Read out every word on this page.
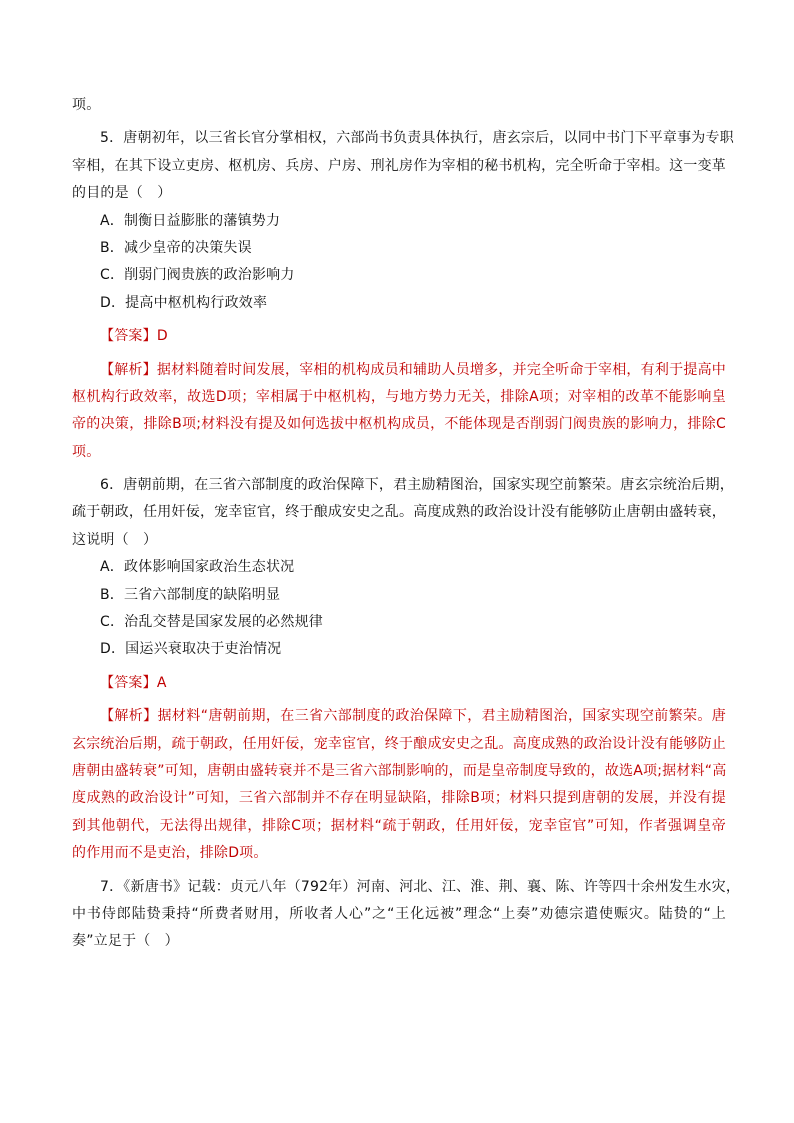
项。
5．唐朝初年，以三省长官分掌相权，六部尚书负责具体执行，唐玄宗后，以同中书门下平章事为专职
宰相，在其下设立吏房、枢机房、兵房、户房、刑礼房作为宰相的秘书机构，完全听命于宰相。这一变革
的目的是（　）
A．制衡日益膨胀的藩镇势力
B．减少皇帝的决策失误
C．削弱门阀贵族的政治影响力
D．提高中枢机构行政效率
【答案】D
【解析】据材料随着时间发展，宰相的机构成员和辅助人员增多，并完全听命于宰相，有利于提高中
枢机构行政效率，故选D项；宰相属于中枢机构，与地方势力无关，排除A项；对宰相的改革不能影响皇
帝的决策，排除B项;材料没有提及如何选拔中枢机构成员，不能体现是否削弱门阀贵族的影响力，排除C
项。
6．唐朝前期，在三省六部制度的政治保障下，君主励精图治，国家实现空前繁荣。唐玄宗统治后期，
疏于朝政，任用奸佞，宠幸宦官，终于酿成安史之乱。高度成熟的政治设计没有能够防止唐朝由盛转衰，
这说明（　）
A．政体影响国家政治生态状况
B．三省六部制度的缺陷明显
C．治乱交替是国家发展的必然规律
D．国运兴衰取决于吏治情况
【答案】A
【解析】据材料“唐朝前期，在三省六部制度的政治保障下，君主励精图治，国家实现空前繁荣。唐
玄宗统治后期，疏于朝政，任用奸佞，宠幸宦官，终于酿成安史之乱。高度成熟的政治设计没有能够防止
唐朝由盛转衰”可知，唐朝由盛转衰并不是三省六部制影响的，而是皇帝制度导致的，故选A项;据材料“高
度成熟的政治设计”可知，三省六部制并不存在明显缺陷，排除B项；材料只提到唐朝的发展，并没有提
到其他朝代，无法得出规律，排除C项；据材料“疏于朝政，任用奸佞，宠幸宦官”可知，作者强调皇帝
的作用而不是吏治，排除D项。
7．《新唐书》记载：贞元八年（792年）河南、河北、江、淮、荆、襄、陈、许等四十余州发生水灾，
中书侍郎陆贽秉持“所费者财用，所收者人心”之“王化远被”理念“上奏”劝德宗遣使赈灾。陆贽的“上
奏”立足于（　）
